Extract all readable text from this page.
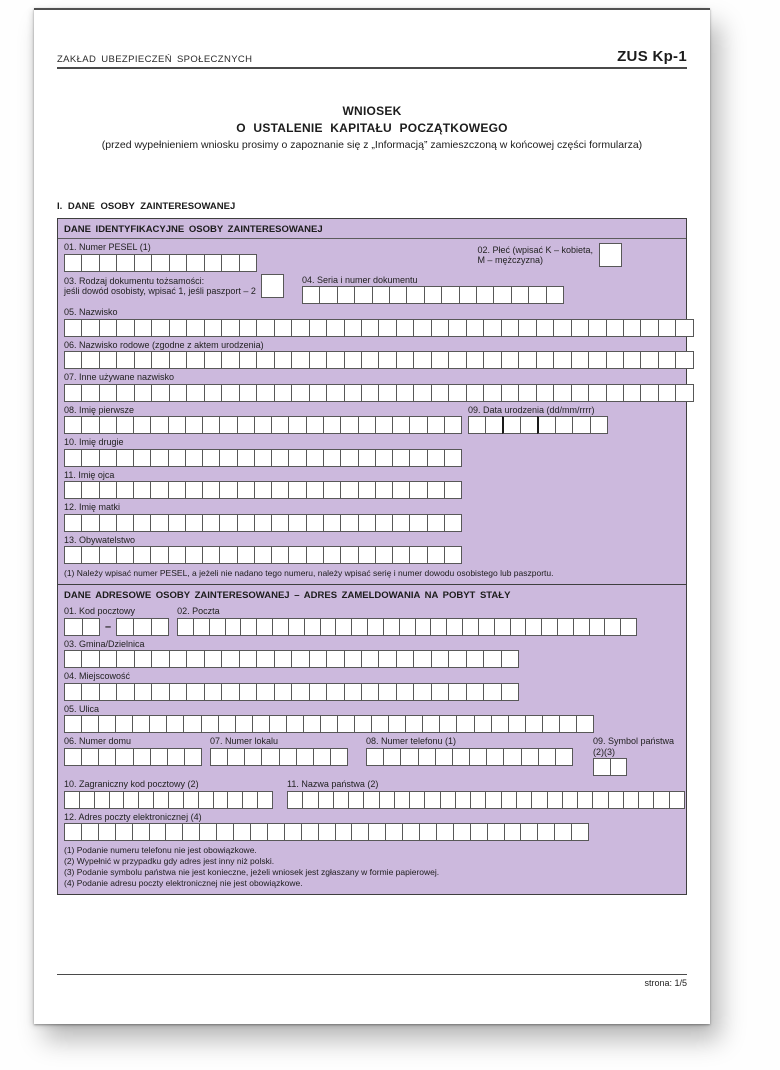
ZAKŁAD UBEZPIECZEŃ SPOŁECZNYCH	ZUS Kp-1
WNIOSEK
O USTALENIE KAPITAŁU POCZĄTKOWEGO
(przed wypełnieniem wniosku prosimy o zapoznanie się z „Informacją” zamieszczoną w końcowej części formularza)
I. DANE OSOBY ZAINTERESOWANEJ
DANE IDENTYFIKACYJNE OSOBY ZAINTERESOWANEJ
01. Numer PESEL (1)	02. Płeć (wpisać K – kobieta,
M – mężczyzna)
03. Rodzaj dokumentu tożsamości:
jeśli dowód osobisty, wpisać 1, jeśli paszport – 2
04. Seria i numer dokumentu
05. Nazwisko
06. Nazwisko rodowe (zgodne z aktem urodzenia)
07. Inne używane nazwisko
08. Imię pierwsze	09. Data urodzenia (dd/mm/rrrr)
10. Imię drugie
11. Imię ojca
12. Imię matki
13. Obywatelstwo
(1) Należy wpisać numer PESEL, a jeżeli nie nadano tego numeru, należy wpisać serię i numer dowodu osobistego lub paszportu.
DANE ADRESOWE OSOBY ZAINTERESOWANEJ – ADRES ZAMELDOWANIA NA POBYT STAŁY
01. Kod pocztowy
–
02. Poczta
03. Gmina/Dzielnica
04. Miejscowość
05. Ulica
06. Numer domu	07. Numer lokalu	08. Numer telefonu (1)	09. Symbol państwa (2)(3)
10. Zagraniczny kod pocztowy (2)	11. Nazwa państwa (2)
12. Adres poczty elektronicznej (4)
(1) Podanie numeru telefonu nie jest obowiązkowe.
(2) Wypełnić w przypadku gdy adres jest inny niż polski.
(3) Podanie symbolu państwa nie jest konieczne, jeżeli wniosek jest zgłaszany w formie papierowej.
(4) Podanie adresu poczty elektronicznej nie jest obowiązkowe.
strona: 1/5
